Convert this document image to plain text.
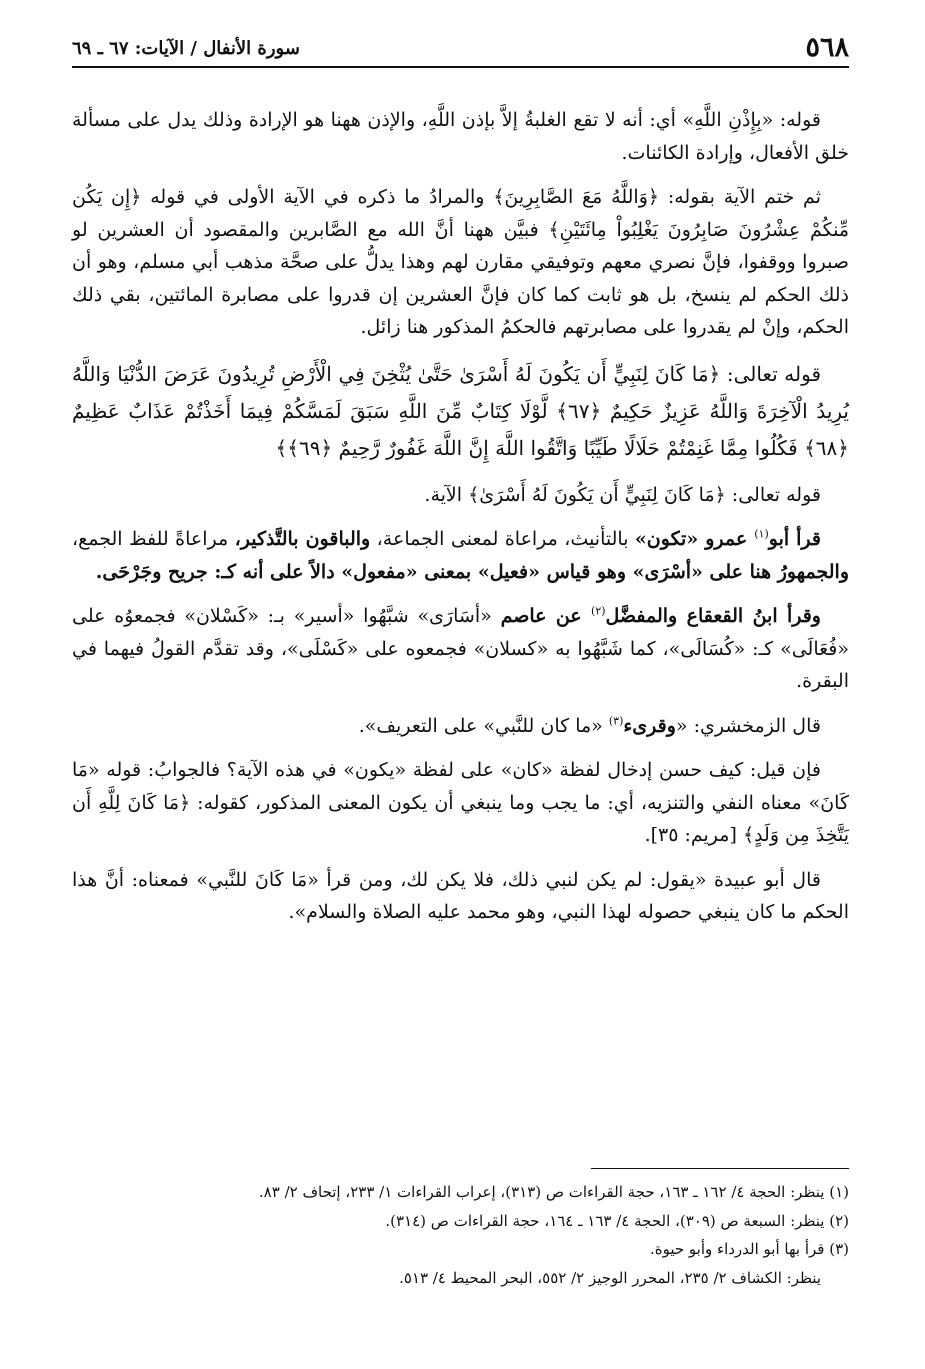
٥٦٨
سورة الأنفال / الآيات: ٦٧ ـ ٦٩

قوله: «بِإِذْنِ اللَّهِ» أي: أنه لا تقع الغلبةُ إلاَّ بإذن اللَّهِ، والإذن ههنا هو الإرادة وذلك يدل على مسألة خلق الأفعال، وإرادة الكائنات.

ثم ختم الآية بقوله: ﴿وَاللَّهُ مَعَ الصَّابِرِينَ﴾ والمرادُ ما ذكره في الآية الأولى في قوله ﴿إِن يَكُن مِّنكُمْ عِشْرُونَ صَابِرُونَ يَغْلِبُواْ مِائَتَيْنِ﴾ فبيَّن ههنا أنَّ الله مع الصَّابرين والمقصود أن العشرين لو صبروا ووقفوا، فإنَّ نصري معهم وتوفيقي مقارن لهم وهذا يدلُّ على صحَّة مذهب أبي مسلم، وهو أن ذلك الحكم لم ينسخ، بل هو ثابت كما كان فإنَّ العشرين إن قدروا على مصابرة المائتين، بقي ذلك الحكم، وإنْ لم يقدروا على مصابرتهم فالحكمُ المذكور هنا زائل.

قوله تعالى: ﴿مَا كَانَ لِنَبِيٍّ أَن يَكُونَ لَهُ أَسْرَىٰ حَتَّىٰ يُثْخِنَ فِي الْأَرْضِ تُرِيدُونَ عَرَضَ الدُّنْيَا وَاللَّهُ يُرِيدُ الْآخِرَةَ وَاللَّهُ عَزِيزٌ حَكِيمٌ ﴿٦٧﴾ لَّوْلَا كِتَابٌ مِّنَ اللَّهِ سَبَقَ لَمَسَّكُمْ فِيمَا أَخَذْتُمْ عَذَابٌ عَظِيمٌ ﴿٦٨﴾ فَكُلُوا مِمَّا غَنِمْتُمْ حَلَالًا طَيِّبًا وَاتَّقُوا اللَّهَ إِنَّ اللَّهَ غَفُورٌ رَّحِيمٌ ﴿٦٩﴾﴾

قوله تعالى: ﴿مَا كَانَ لِنَبِيٍّ أَن يَكُونَ لَهُ أَسْرَىٰ﴾ الآية.

قرأ أبو$^{(١)}$ عمرو «تكون» بالتأنيث، مراعاة لمعنى الجماعة، والباقون بالتَّذكير، مراعاةً للفظ الجمع، والجمهورُ هنا على «أسْرَى» وهو قياس «فعيل» بمعنى «مفعول» دالاً على أنه كـ: جريح وجَرْحَى.

وقرأ ابنُ القعقاع والمفضَّل$^{(٢)}$ عن عاصم «أسَارَى» شبَّهُوا «أسير» بـ: «كَسْلان» فجمعوُه على «فُعَالَى» كـ: «كُسَالَى»، كما شَبَّهُوا به «كسلان» فجمعوه على «كَسْلَى»، وقد تقدَّم القولُ فيهما في البقرة.

قال الزمخشري: «وقرىء$^{(٣)}$ «ما كان للنَّبي» على التعريف».

فإن قيل: كيف حسن إدخال لفظة «كان» على لفظة «يكون» في هذه الآية؟ فالجوابُ: قوله «مَا كَانَ» معناه النفي والتنزيه، أي: ما يجب وما ينبغي أن يكون المعنى المذكور، كقوله: ﴿مَا كَانَ لِلَّهِ أَن يَتَّخِذَ مِن وَلَدٍ﴾ [مريم: ٣٥].

قال أبو عبيدة «يقول: لم يكن لنبي ذلك، فلا يكن لك، ومن قرأ «مَا كَانَ للنَّبي» فمعناه: أنَّ هذا الحكم ما كان ينبغي حصوله لهذا النبي، وهو محمد عليه الصلاة والسلام».

(١) ينظر: الحجة ٤/ ١٦٢ ـ ١٦٣، حجة القراءات ص (٣١٣)، إعراب القراءات ١/ ٢٣٣، إتحاف ٢/ ٨٣.
(٢) ينظر: السبعة ص (٣٠٩)، الحجة ٤/ ١٦٣ ـ ١٦٤، حجة القراءات ص (٣١٤).
(٣) قرأ بها أبو الدرداء وأبو حيوة.
ينظر: الكشاف ٢/ ٢٣٥، المحرر الوجيز ٢/ ٥٥٢، البحر المحيط ٤/ ٥١٣.
